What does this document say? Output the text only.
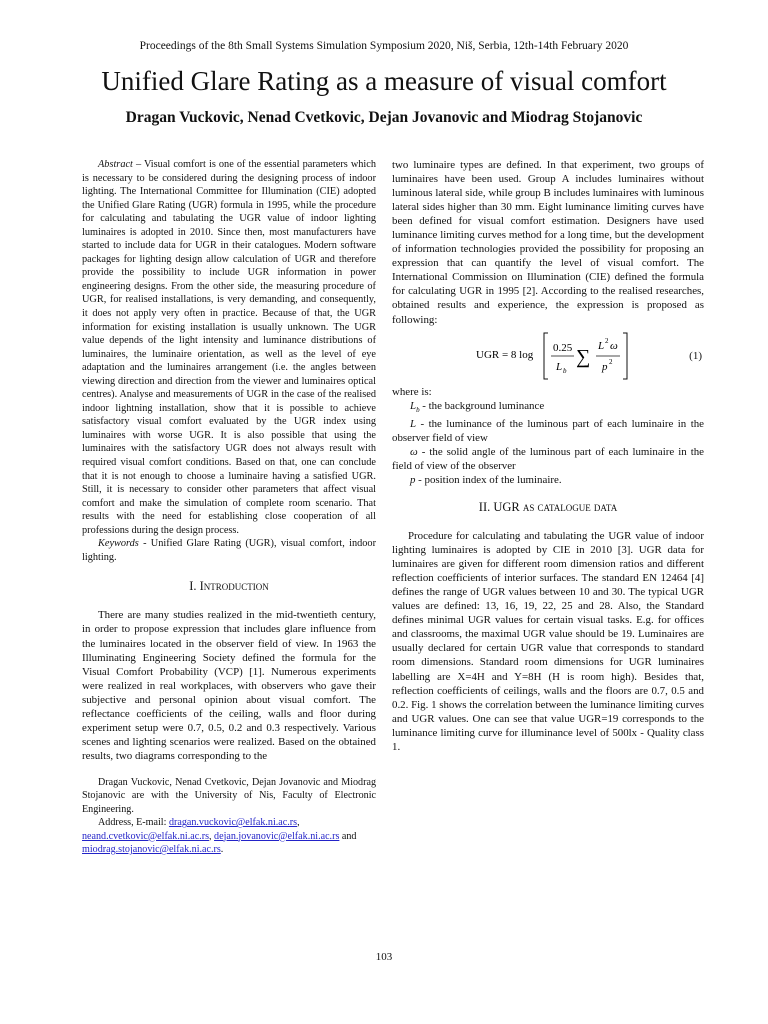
Proceedings of the 8th Small Systems Simulation Symposium 2020, Niš, Serbia, 12th-14th February 2020
Unified Glare Rating as a measure of visual comfort
Dragan Vuckovic, Nenad Cvetkovic, Dejan Jovanovic and Miodrag Stojanovic

Abstract – Visual comfort is one of the essential parameters which is necessary to be considered during the designing process of indoor lighting. The International Committee for Illumination (CIE) adopted the Unified Glare Rating (UGR) formula in 1995, while the procedure for calculating and tabulating the UGR value of indoor lighting luminaires is adopted in 2010. Since then, most manufacturers have started to include data for UGR in their catalogues. Modern software packages for lighting design allow calculation of UGR and therefore provide the possibility to include UGR information in power engineering designs. From the other side, the measuring procedure of UGR, for realised installations, is very demanding, and consequently, it does not apply very often in practice. Because of that, the UGR information for existing installation is usually unknown. The UGR value depends of the light intensity and luminance distributions of luminaires, the luminaire orientation, as well as the level of eye adaptation and the luminaires arrangement (i.e. the angles between viewing direction and direction from the viewer and luminaires optical centres). Analyse and measurements of UGR in the case of the realised indoor lightning installation, show that it is possible to achieve satisfactory visual comfort evaluated by the UGR index using luminaires with worse UGR. It is also possible that using the luminaires with the satisfactory UGR does not always result with required visual comfort conditions. Based on that, one can conclude that it is not enough to choose a luminaire having a satisfied UGR. Still, it is necessary to consider other parameters that affect visual comfort and make the simulation of complete room scenario. That results with the need for establishing close cooperation of all professions during the design process.

Keywords - Unified Glare Rating (UGR), visual comfort, indoor lighting.

I. Introduction

There are many studies realized in the mid-twentieth century, in order to propose expression that includes glare influence from the luminaires located in the observer field of view. In 1963 the Illuminating Engineering Society defined the formula for the Visual Comfort Probability (VCP) [1]. Numerous experiments were realized in real workplaces, with observers who gave their subjective and personal opinion about visual comfort. The reflectance coefficients of the ceiling, walls and floor during experiment setup were 0.7, 0.5, 0.2 and 0.3 respectively. Various scenes and lighting scenarios were realized. Based on the obtained results, two diagrams corresponding to the

Dragan Vuckovic, Nenad Cvetkovic, Dejan Jovanovic and Miodrag Stojanovic are with the University of Nis, Faculty of Electronic Engineering.

Address, E-mail: dragan.vuckovic@elfak.ni.ac.rs, neand.cvetkovic@elfak.ni.ac.rs, dejan.jovanovic@elfak.ni.ac.rs and miodrag.stojanovic@elfak.ni.ac.rs.

two luminaire types are defined. In that experiment, two groups of luminaires have been used. Group A includes luminaires without luminous lateral side, while group B includes luminaires with luminous lateral sides higher than 30 mm. Eight luminance limiting curves have been defined for visual comfort estimation. Designers have used luminance limiting curves method for a long time, but the development of information technologies provided the possibility for proposing an expression that can quantify the level of visual comfort. The International Commission on Illumination (CIE) defined the formula for calculating UGR in 1995 [2]. According to the realised researches, obtained results and experience, the expression is proposed as following:

UGR = 8 log
0.25
L b
∑ L 2 ω
p 2	(1)

where is:

$L_b$ - the background luminance

L - the luminance of the luminous part of each luminaire in the observer field of view

ω - the solid angle of the luminous part of each luminaire in the field of view of the observer

p - position index of the luminaire.

II. UGR as catalogue data

Procedure for calculating and tabulating the UGR value of indoor lighting luminaires is adopted by CIE in 2010 [3]. UGR data for luminaires are given for different room dimension ratios and different reflection coefficients of interior surfaces. The standard EN 12464 [4] defines the range of UGR values between 10 and 30. The typical UGR values are defined: 13, 16, 19, 22, 25 and 28. Also, the Standard defines minimal UGR values for certain visual tasks. E.g. for offices and classrooms, the maximal UGR value should be 19. Luminaires are usually declared for certain UGR value that corresponds to standard room dimensions. Standard room dimensions for UGR luminaires labelling are X=4H and Y=8H (H is room high). Besides that, reflection coefficients of ceilings, walls and the floors are 0.7, 0.5 and 0.2. Fig. 1 shows the correlation between the luminance limiting curves and UGR values. One can see that value UGR=19 corresponds to the luminance limiting curve for illuminance level of 500lx - Quality class 1.

103
